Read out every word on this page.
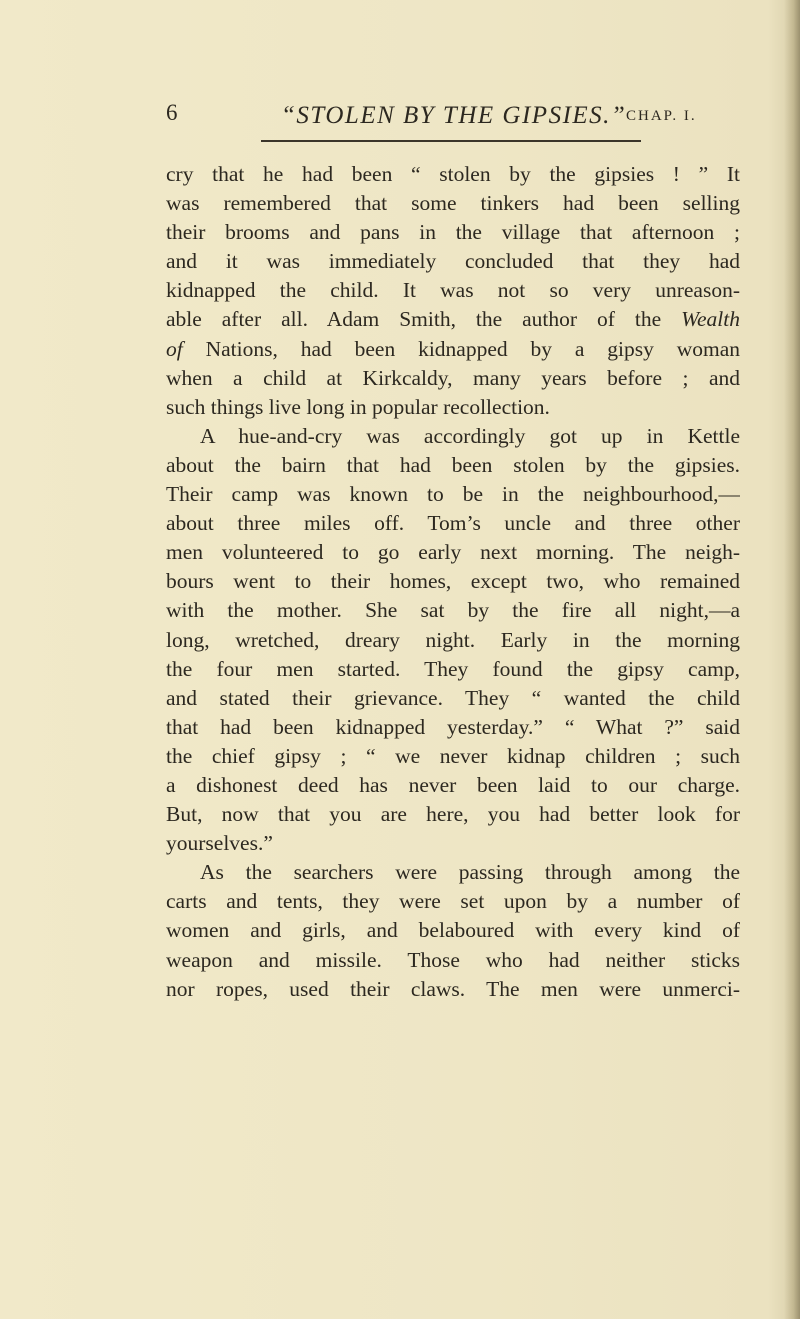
6	“STOLEN BY THE GIPSIES.” CHAP. I.
cry that he had been “ stolen by the gipsies ! ” It
was remembered that some tinkers had been selling
their brooms and pans in the village that afternoon ;
and it was immediately concluded that they had
kidnapped the child. It was not so very unreason-
able after all. Adam Smith, the author of the Wealth
of Nations, had been kidnapped by a gipsy woman
when a child at Kirkcaldy, many years before ; and
such things live long in popular recollection.
A hue-and-cry was accordingly got up in Kettle
about the bairn that had been stolen by the gipsies.
Their camp was known to be in the neighbourhood,—
about three miles off. Tom’s uncle and three other
men volunteered to go early next morning. The neigh-
bours went to their homes, except two, who remained
with the mother. She sat by the fire all night,—a
long, wretched, dreary night. Early in the morning
the four men started. They found the gipsy camp,
and stated their grievance. They “ wanted the child
that had been kidnapped yesterday.” “ What ?” said
the chief gipsy ; “ we never kidnap children ; such
a dishonest deed has never been laid to our charge.
But, now that you are here, you had better look for
yourselves.”
As the searchers were passing through among the
carts and tents, they were set upon by a number of
women and girls, and belaboured with every kind of
weapon and missile. Those who had neither sticks
nor ropes, used their claws. The men were unmerci-
